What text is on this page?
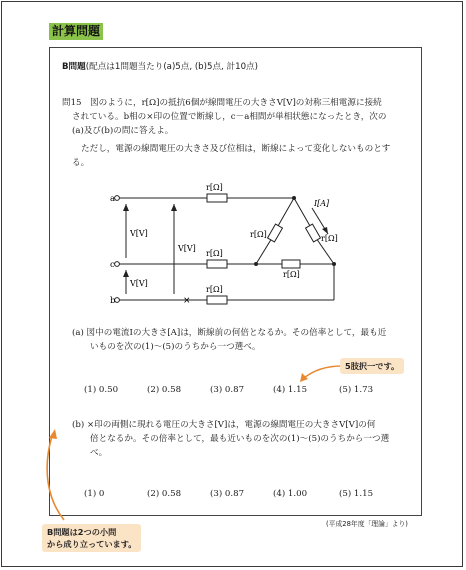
計算問題
B問題(配点は1問題当たり(a)5点, (b)5点, 計10点)
問15 図のように，r[Ω]の抵抗6個が線間電圧の大きさV[V]の対称三相電源に接続
されている。b相の×印の位置で断線し，c－a相間が単相状態になったとき，次の
(a)及び(b)の問に答えよ。
ただし，電源の線間電圧の大きさ及び位相は，断線によって変化しないものとす
る。
a
c
b
r[Ω]
r[Ω]
r[Ω]
r[Ω]	r[Ω]
r[Ω]
I[A]
V[V]
V[V]
V[V]
×
(a) 図中の電流Iの大きさ[A]は，断線前の何倍となるか。その倍率として，最も近
いものを次の(1)～(5)のうちから一つ選べ。
(1) 0.50	(2) 0.58	(3) 0.87	(4) 1.15	(5) 1.73
(b) ×印の両側に現れる電圧の大きさ[V]は，電源の線間電圧の大きさV[V]の何
倍となるか。その倍率として，最も近いものを次の(1)～(5)のうちから一つ選
べ。
(1) 0	(2) 0.58	(3) 0.87	(4) 1.00	(5) 1.15
(平成28年度「理論」より)
5肢択一です。
B問題は2つの小問
から成り立っています。
